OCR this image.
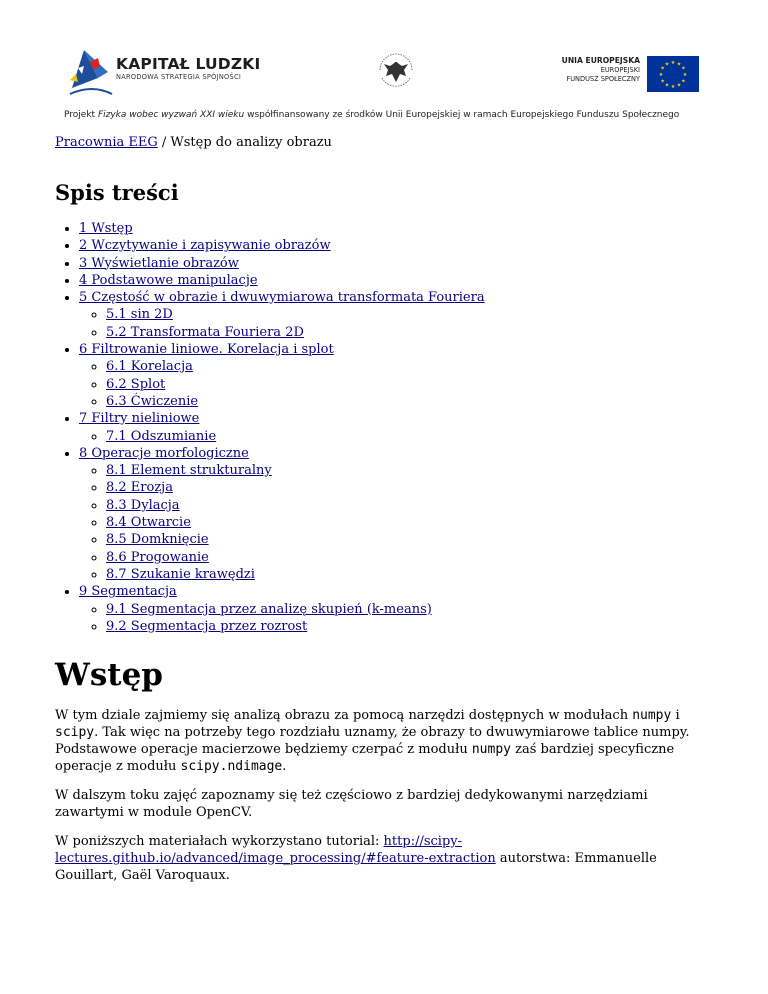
KAPITAŁ LUDZKI
NARODOWA STRATEGIA SPÓJNOŚCI
UNIA EUROPEJSKA
EUROPEJSKI
FUNDUSZ SPOŁECZNY
★ ★
★
★
★
★
★
★
★
★
★
★
Projekt Fizyka wobec wyzwań XXI wieku współfinansowany ze środków Unii Europejskiej w ramach Europejskiego Funduszu Społecznego
Pracownia EEG / Wstęp do analizy obrazu
Spis treści
• 1 Wstęp
• 2 Wczytywanie i zapisywanie obrazów
• 3 Wyświetlanie obrazów
• 4 Podstawowe manipulacje
• 5 Częstość w obrazie i dwuwymiarowa transformata Fouriera
◦ 5.1 sin 2D
◦ 5.2 Transformata Fouriera 2D
• 6 Filtrowanie liniowe. Korelacja i splot
◦ 6.1 Korelacja
◦ 6.2 Splot
◦ 6.3 Ćwiczenie
• 7 Filtry nieliniowe
◦ 7.1 Odszumianie
• 8 Operacje morfologiczne
◦ 8.1 Element strukturalny
◦ 8.2 Erozja
◦ 8.3 Dylacja
◦ 8.4 Otwarcie
◦ 8.5 Domknięcie
◦ 8.6 Progowanie
◦ 8.7 Szukanie krawędzi
• 9 Segmentacja
◦ 9.1 Segmentacja przez analizę skupień (k-means)
◦ 9.2 Segmentacja przez rozrost
Wstęp

W tym dziale zajmiemy się analizą obrazu za pomocą narzędzi dostępnych w modułach numpy i scipy. Tak więc na potrzeby tego rozdziału uznamy, że obrazy to dwuwymiarowe tablice numpy. Podstawowe operacje macierzowe będziemy czerpać z modułu numpy zaś bardziej specyficzne operacje z modułu scipy.ndimage.

W dalszym toku zajęć zapoznamy się też częściowo z bardziej dedykowanymi narzędziami zawartymi w module OpenCV.

W poniższych materiałach wykorzystano tutorial: http://scipy-lectures.github.io/advanced/image_processing/#feature-extraction autorstwa: Emmanuelle Gouillart, Gaël Varoquaux.
